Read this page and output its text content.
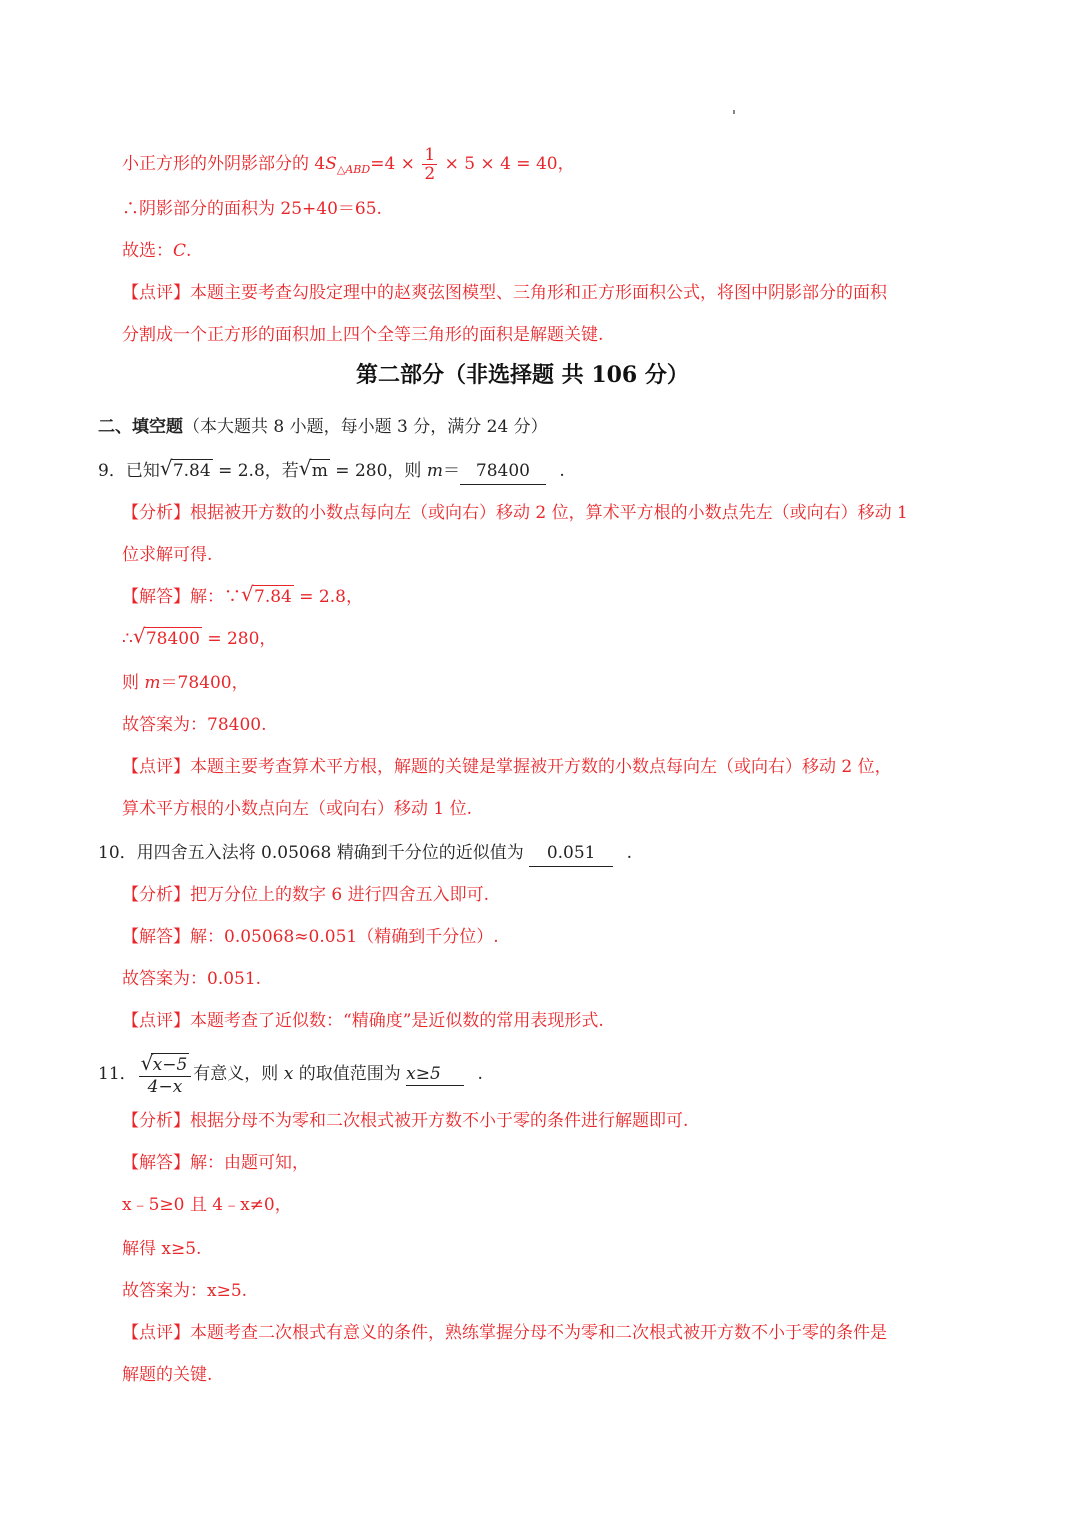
小正方形的外阴影部分的 $4S_{\triangle ABD}=4 \times \frac{1}{2} \times 5 \times 4 = 40$，
∴阴影部分的面积为 25+40＝65.
故选：C.
【点评】本题主要考查勾股定理中的赵爽弦图模型、三角形和正方形面积公式，将图中阴影部分的面积
分割成一个正方形的面积加上四个全等三角形的面积是解题关键.
第二部分（非选择题 共 106 分）
二、填空题（本大题共 8 小题，每小题 3 分，满分 24 分）
9．已知 √ 7.84 = 2.8，若 √ m = 280，则 m＝ 78400 .
【分析】根据被开方数的小数点每向左（或向右）移动 2 位，算术平方根的小数点先左（或向右）移动 1
位求解可得.
【解答】解：∵ √ 7.84 = 2.8，
∴ √ 78400 = 280，
则 m＝78400，
故答案为：78400.
【点评】本题主要考查算术平方根，解题的关键是掌握被开方数的小数点每向左（或向右）移动 2 位，
算术平方根的小数点向左（或向右）移动 1 位.
10．用四舍五入法将 0.05068 精确到千分位的近似值为 0.051 .
【分析】把万分位上的数字 6 进行四舍五入即可.
【解答】解：0.05068≈0.051（精确到千分位）.
故答案为：0.051.
【点评】本题考查了近似数：“精确度”是近似数的常用表现形式.
11． $\frac{√ x-5}{4-x}$ 有意义，则 x 的取值范围为 x≥5 .
【分析】根据分母不为零和二次根式被开方数不小于零的条件进行解题即可.
【解答】解：由题可知，
x﹣5≥0 且 4﹣x≠0，
解得 x≥5.
故答案为：x≥5.
【点评】本题考查二次根式有意义的条件，熟练掌握分母不为零和二次根式被开方数不小于零的条件是
解题的关键.
